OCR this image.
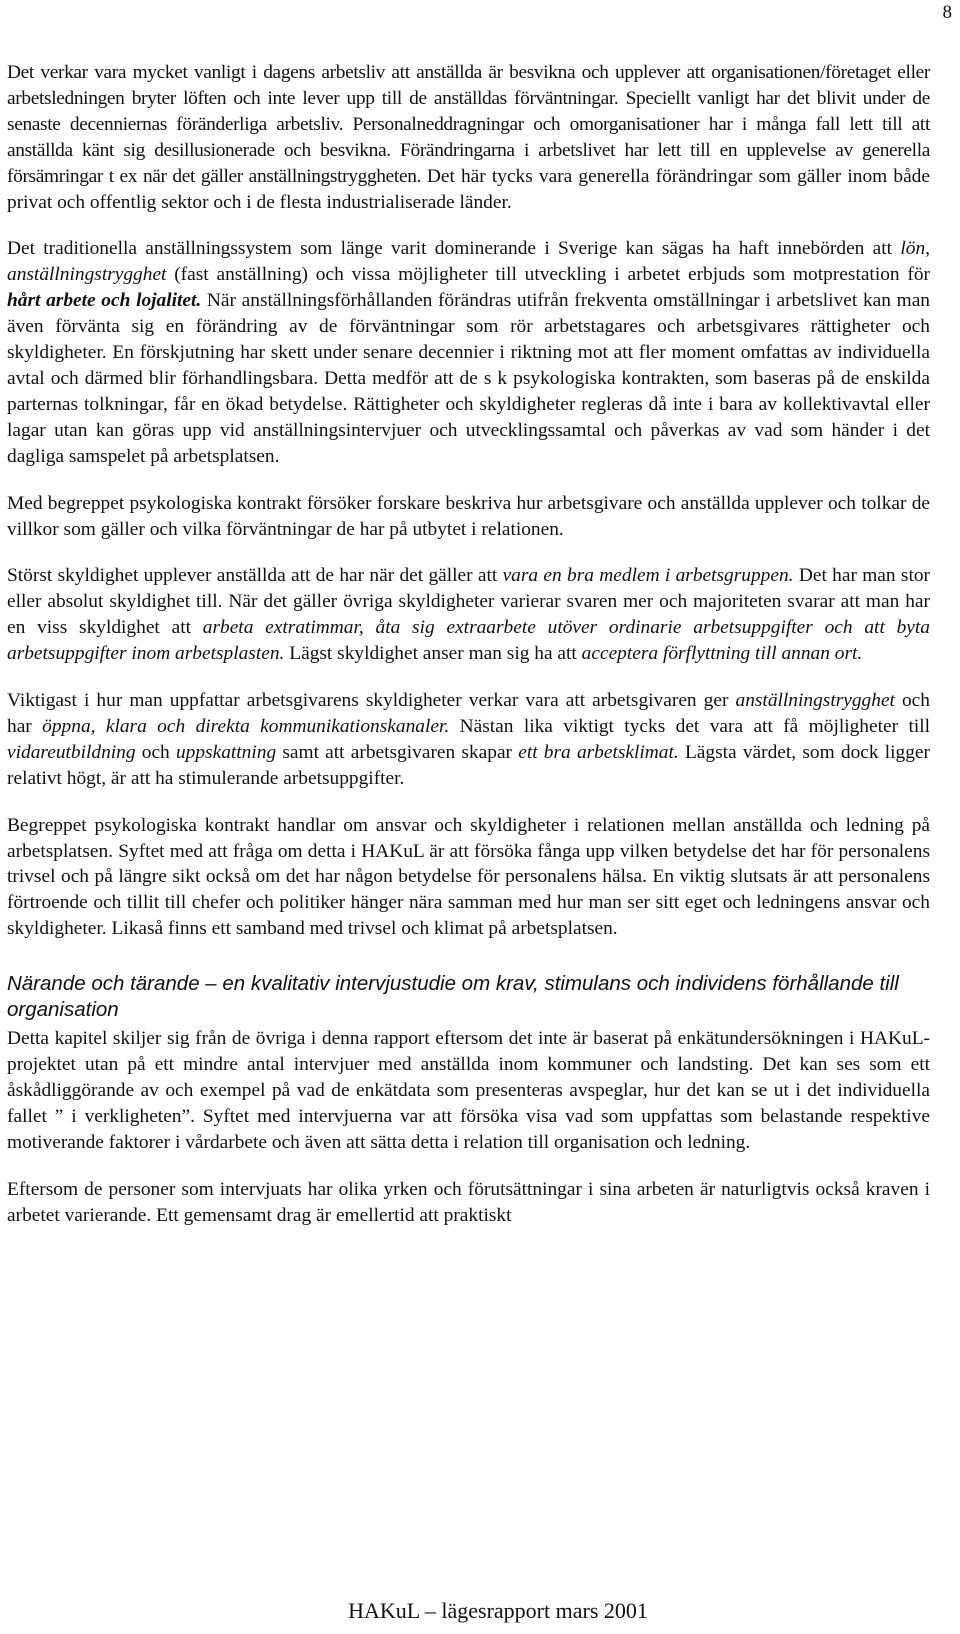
8

Det verkar vara mycket vanligt i dagens arbetsliv att anställda är besvikna och upplever att organisationen/företaget eller arbetsledningen bryter löften och inte lever upp till de anställdas förväntningar. Speciellt vanligt har det blivit under de senaste decenniernas föränderliga arbetsliv. Personalneddragningar och omorganisationer har i många fall lett till att anställda känt sig desillusionerade och besvikna. Förändringarna i arbetslivet har lett till en upplevelse av generella försämringar t ex när det gäller anställningstryggheten. Det här tycks vara generella förändringar som gäller inom både privat och offentlig sektor och i de flesta industrialiserade länder.

Det traditionella anställningssystem som länge varit dominerande i Sverige kan sägas ha haft innebörden att lön, anställningstrygghet (fast anställning) och vissa möjligheter till utveckling i arbetet erbjuds som motprestation för hårt arbete och lojalitet. När anställningsförhållanden förändras utifrån frekventa omställningar i arbetslivet kan man även förvänta sig en förändring av de förväntningar som rör arbetstagares och arbetsgivares rättigheter och skyldigheter. En förskjutning har skett under senare decennier i riktning mot att fler moment omfattas av individuella avtal och därmed blir förhandlingsbara. Detta medför att de s k psykologiska kontrakten, som baseras på de enskilda parternas tolkningar, får en ökad betydelse. Rättigheter och skyldigheter regleras då inte i bara av kollektivavtal eller lagar utan kan göras upp vid anställningsintervjuer och utvecklingssamtal och påverkas av vad som händer i det dagliga samspelet på arbetsplatsen.

Med begreppet psykologiska kontrakt försöker forskare beskriva hur arbetsgivare och anställda upplever och tolkar de villkor som gäller och vilka förväntningar de har på utbytet i relationen.

Störst skyldighet upplever anställda att de har när det gäller att vara en bra medlem i arbetsgruppen. Det har man stor eller absolut skyldighet till. När det gäller övriga skyldigheter varierar svaren mer och majoriteten svarar att man har en viss skyldighet att arbeta extratimmar, åta sig extraarbete utöver ordinarie arbetsuppgifter och att byta arbetsuppgifter inom arbetsplasten. Lägst skyldighet anser man sig ha att acceptera förflyttning till annan ort.

Viktigast i hur man uppfattar arbetsgivarens skyldigheter verkar vara att arbetsgivaren ger anställningstrygghet och har öppna, klara och direkta kommunikationskanaler. Nästan lika viktigt tycks det vara att få möjligheter till vidareutbildning och uppskattning samt att arbetsgivaren skapar ett bra arbetsklimat. Lägsta värdet, som dock ligger relativt högt, är att ha stimulerande arbetsuppgifter.

Begreppet psykologiska kontrakt handlar om ansvar och skyldigheter i relationen mellan anställda och ledning på arbetsplatsen. Syftet med att fråga om detta i HAKuL är att försöka fånga upp vilken betydelse det har för personalens trivsel och på längre sikt också om det har någon betydelse för personalens hälsa. En viktig slutsats är att personalens förtroende och tillit till chefer och politiker hänger nära samman med hur man ser sitt eget och ledningens ansvar och skyldigheter. Likaså finns ett samband med trivsel och klimat på arbetsplatsen.

Närande och tärande – en kvalitativ intervjustudie om krav, stimulans och individens förhållande till organisation

Detta kapitel skiljer sig från de övriga i denna rapport eftersom det inte är baserat på enkätundersökningen i HAKuL-projektet utan på ett mindre antal intervjuer med anställda inom kommuner och landsting. Det kan ses som ett åskådliggörande av och exempel på vad de enkätdata som presenteras avspeglar, hur det kan se ut i det individuella fallet ” i verkligheten”. Syftet med intervjuerna var att försöka visa vad som uppfattas som belastande respektive motiverande faktorer i vårdarbete och även att sätta detta i relation till organisation och ledning.

Eftersom de personer som intervjuats har olika yrken och förutsättningar i sina arbeten är naturligtvis också kraven i arbetet varierande. Ett gemensamt drag är emellertid att praktiskt

HAKuL – lägesrapport mars 2001
